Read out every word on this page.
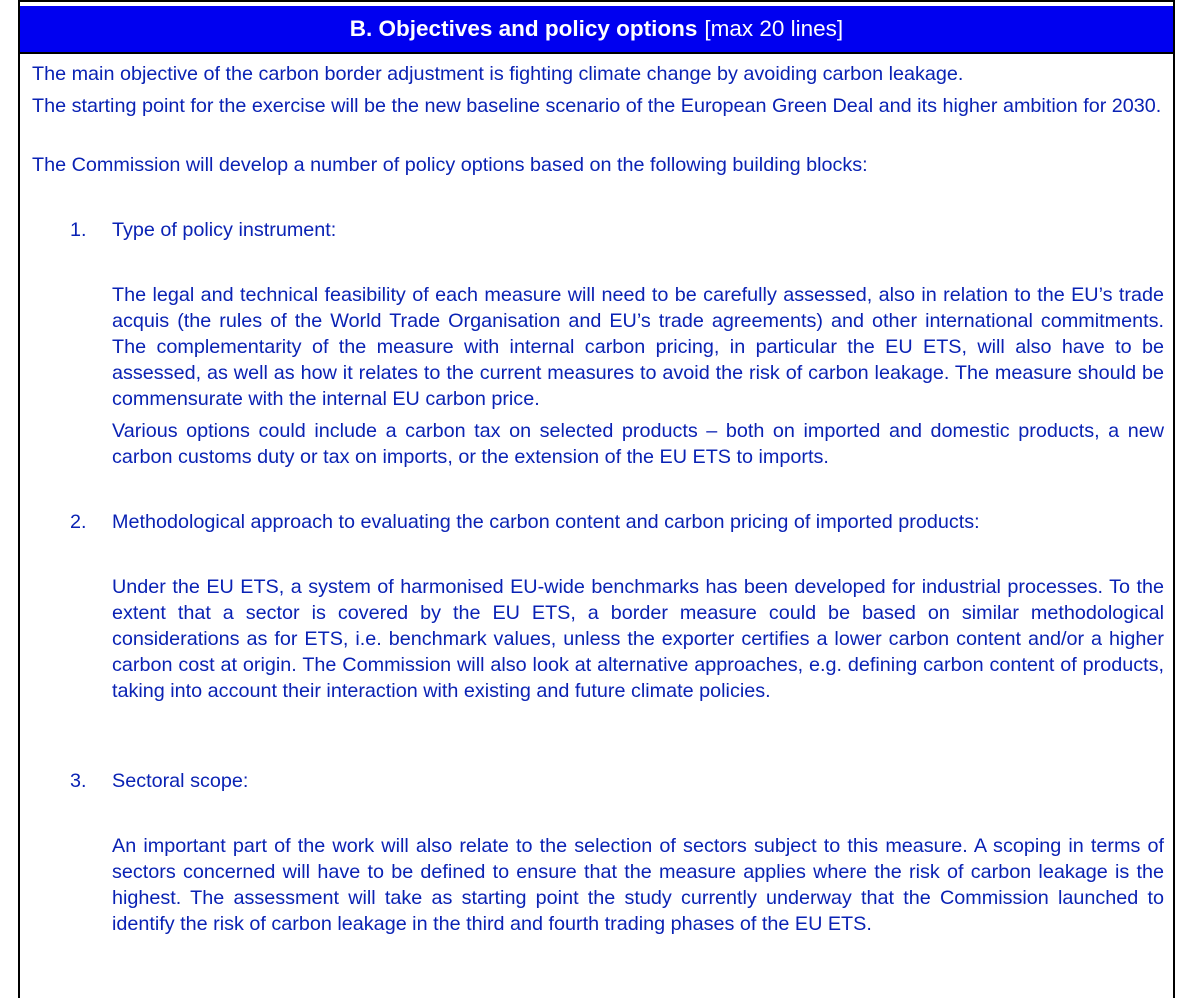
B. Objectives and policy options [max 20 lines]

The main objective of the carbon border adjustment is fighting climate change by avoiding carbon leakage.

The starting point for the exercise will be the new baseline scenario of the European Green Deal and its higher ambition for 2030.

The Commission will develop a number of policy options based on the following building blocks:

1. Type of policy instrument:

The legal and technical feasibility of each measure will need to be carefully assessed, also in relation to the EU’s trade acquis (the rules of the World Trade Organisation and EU’s trade agreements) and other international commitments. The complementarity of the measure with internal carbon pricing, in particular the EU ETS, will also have to be assessed, as well as how it relates to the current measures to avoid the risk of carbon leakage. The measure should be commensurate with the internal EU carbon price.

Various options could include a carbon tax on selected products – both on imported and domestic products, a new carbon customs duty or tax on imports, or the extension of the EU ETS to imports.

2. Methodological approach to evaluating the carbon content and carbon pricing of imported products:

Under the EU ETS, a system of harmonised EU-wide benchmarks has been developed for industrial processes. To the extent that a sector is covered by the EU ETS, a border measure could be based on similar methodological considerations as for ETS, i.e. benchmark values, unless the exporter certifies a lower carbon content and/or a higher carbon cost at origin. The Commission will also look at alternative approaches, e.g. defining carbon content of products, taking into account their interaction with existing and future climate policies.

3. Sectoral scope:

An important part of the work will also relate to the selection of sectors subject to this measure. A scoping in terms of sectors concerned will have to be defined to ensure that the measure applies where the risk of carbon leakage is the highest. The assessment will take as starting point the study currently underway that the Commission launched to identify the risk of carbon leakage in the third and fourth trading phases of the EU ETS.
